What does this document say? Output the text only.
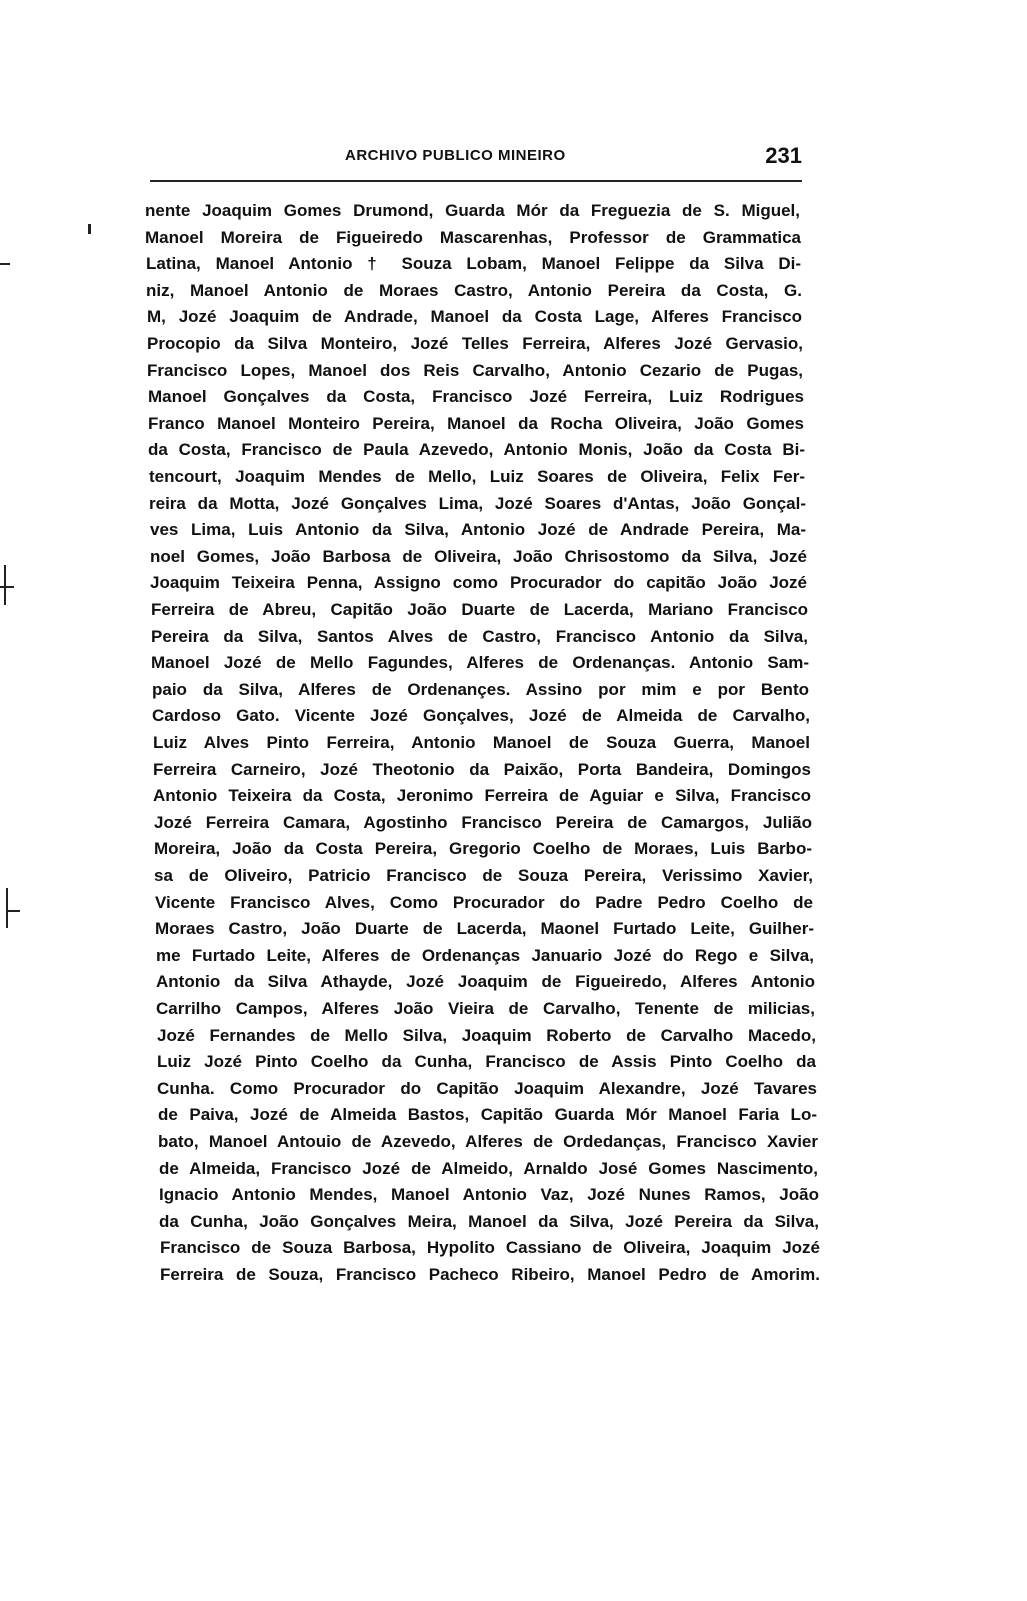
ARCHIVO PUBLICO MINEIRO	231
nente Joaquim Gomes Drumond, Guarda Mór da Freguezia de S. Miguel,
Manoel Moreira de Figueiredo Mascarenhas, Professor de Grammatica
Latina, Manoel Antonio † Souza Lobam, Manoel Felippe da Silva Di-
niz, Manoel Antonio de Moraes Castro, Antonio Pereira da Costa, G.
M, Jozé Joaquim de Andrade, Manoel da Costa Lage, Alferes Francisco
Procopio da Silva Monteiro, Jozé Telles Ferreira, Alferes Jozé Gervasio,
Francisco Lopes, Manoel dos Reis Carvalho, Antonio Cezario de Pugas,
Manoel Gonçalves da Costa, Francisco Jozé Ferreira, Luiz Rodrigues
Franco Manoel Monteiro Pereira, Manoel da Rocha Oliveira, João Gomes
da Costa, Francisco de Paula Azevedo, Antonio Monis, João da Costa Bi-
tencourt, Joaquim Mendes de Mello, Luiz Soares de Oliveira, Felix Fer-
reira da Motta, Jozé Gonçalves Lima, Jozé Soares d'Antas, João Gonçal-
ves Lima, Luis Antonio da Silva, Antonio Jozé de Andrade Pereira, Ma-
noel Gomes, João Barbosa de Oliveira, João Chrisostomo da Silva, Jozé
Joaquim Teixeira Penna, Assigno como Procurador do capitão João Jozé
Ferreira de Abreu, Capitão João Duarte de Lacerda, Mariano Francisco
Pereira da Silva, Santos Alves de Castro, Francisco Antonio da Silva,
Manoel Jozé de Mello Fagundes, Alferes de Ordenanças. Antonio Sam-
paio da Silva, Alferes de Ordenançes. Assino por mim e por Bento
Cardoso Gato. Vicente Jozé Gonçalves, Jozé de Almeida de Carvalho,
Luiz Alves Pinto Ferreira, Antonio Manoel de Souza Guerra, Manoel
Ferreira Carneiro, Jozé Theotonio da Paixão, Porta Bandeira, Domingos
Antonio Teixeira da Costa, Jeronimo Ferreira de Aguiar e Silva, Francisco
Jozé Ferreira Camara, Agostinho Francisco Pereira de Camargos, Julião
Moreira, João da Costa Pereira, Gregorio Coelho de Moraes, Luis Barbo-
sa de Oliveiro, Patricio Francisco de Souza Pereira, Verissimo Xavier,
Vicente Francisco Alves, Como Procurador do Padre Pedro Coelho de
Moraes Castro, João Duarte de Lacerda, Maonel Furtado Leite, Guilher-
me Furtado Leite, Alferes de Ordenanças Januario Jozé do Rego e Silva,
Antonio da Silva Athayde, Jozé Joaquim de Figueiredo, Alferes Antonio
Carrilho Campos, Alferes João Vieira de Carvalho, Tenente de milicias,
Jozé Fernandes de Mello Silva, Joaquim Roberto de Carvalho Macedo,
Luiz Jozé Pinto Coelho da Cunha, Francisco de Assis Pinto Coelho da
Cunha. Como Procurador do Capitão Joaquim Alexandre, Jozé Tavares
de Paiva, Jozé de Almeida Bastos, Capitão Guarda Mór Manoel Faria Lo-
bato, Manoel Antouio de Azevedo, Alferes de Ordedanças, Francisco Xavier
de Almeida, Francisco Jozé de Almeido, Arnaldo José Gomes Nascimento,
Ignacio Antonio Mendes, Manoel Antonio Vaz, Jozé Nunes Ramos, João
da Cunha, João Gonçalves Meira, Manoel da Silva, Jozé Pereira da Silva,
Francisco de Souza Barbosa, Hypolito Cassiano de Oliveira, Joaquim Jozé
Ferreira de Souza, Francisco Pacheco Ribeiro, Manoel Pedro de Amorim.
